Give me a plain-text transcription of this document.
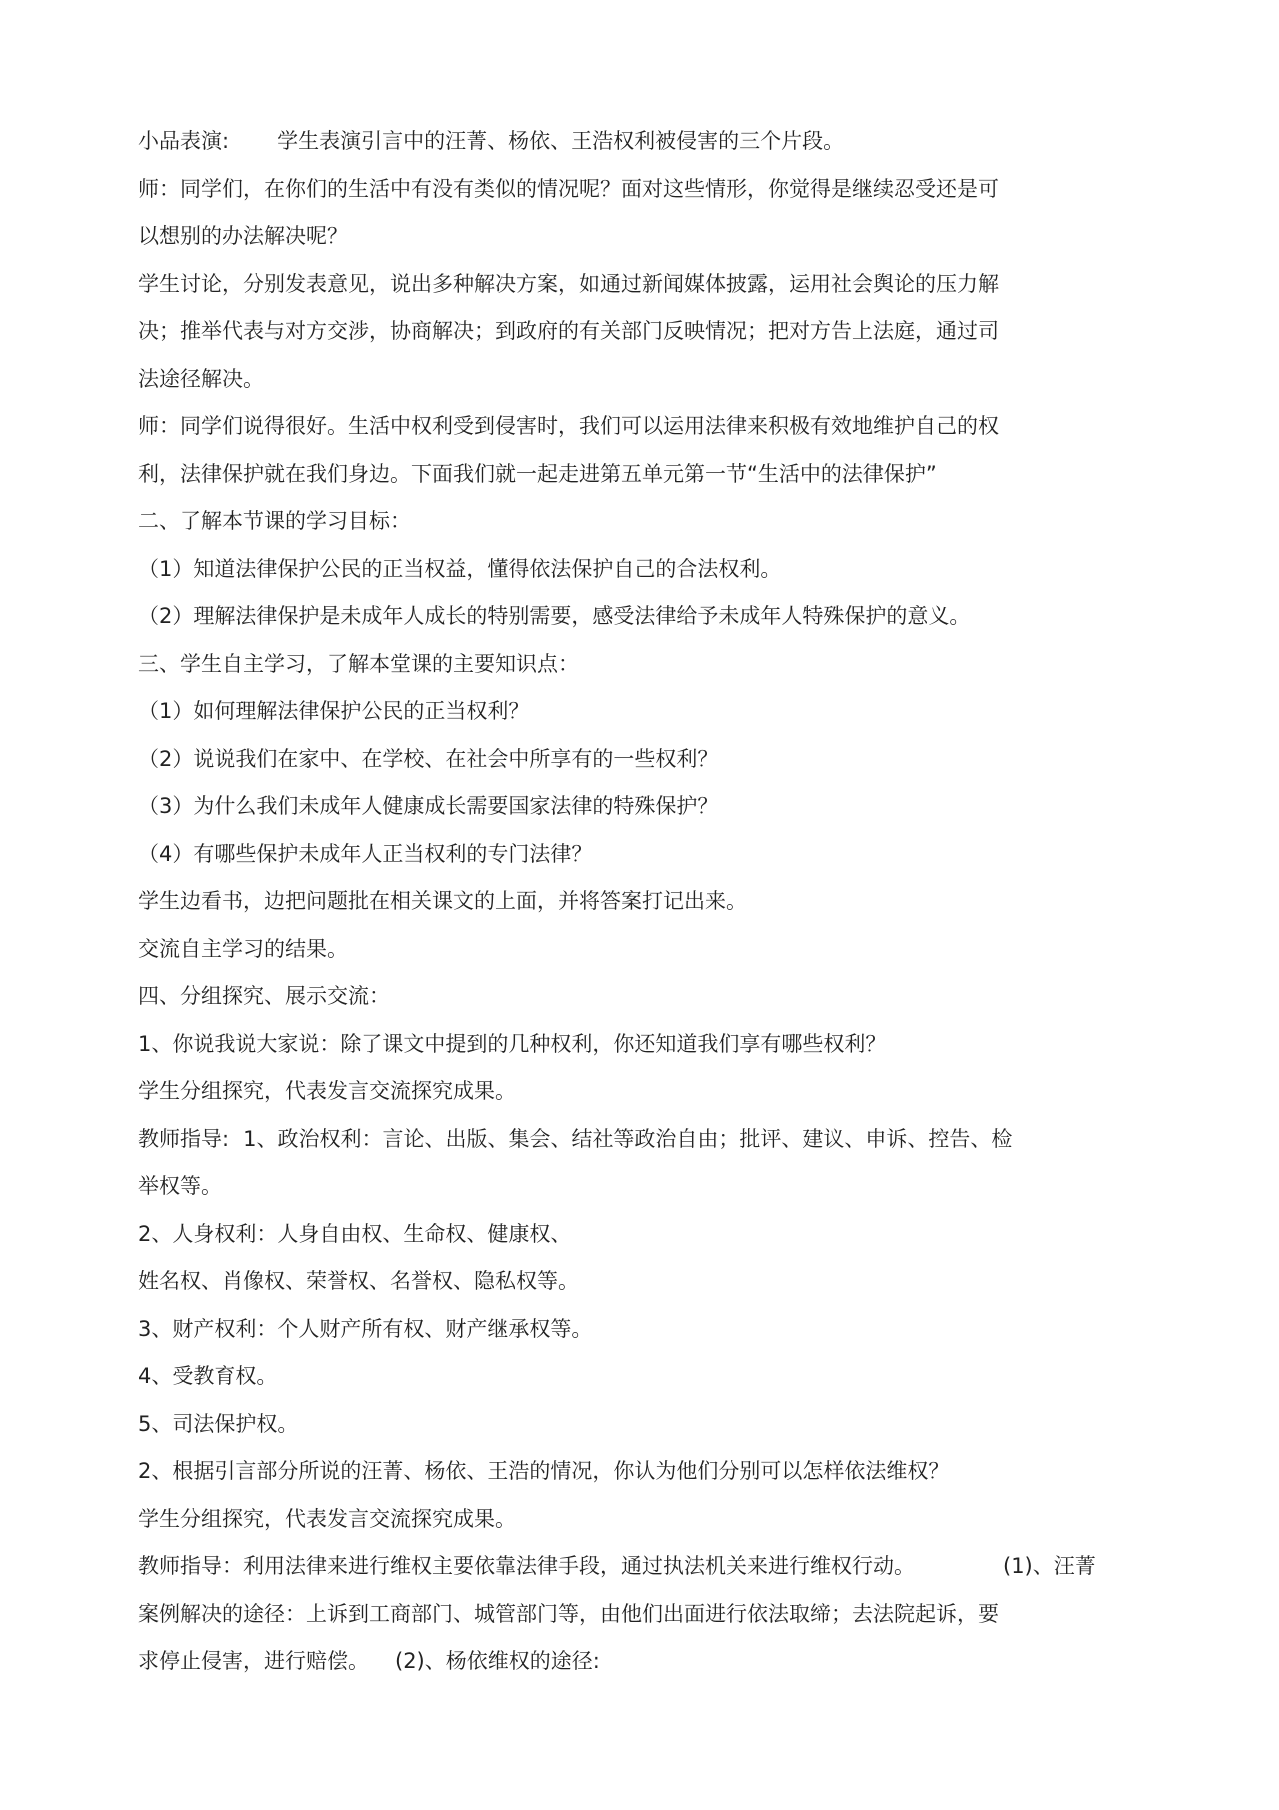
小品表演: 学生表演引言中的汪菁、杨依、王浩权利被侵害的三个片段。
师：同学们，在你们的生活中有没有类似的情况呢？面对这些情形，你觉得是继续忍受还是可
以想别的办法解决呢？
学生讨论，分别发表意见，说出多种解决方案，如通过新闻媒体披露，运用社会舆论的压力解
决；推举代表与对方交涉，协商解决；到政府的有关部门反映情况；把对方告上法庭，通过司
法途径解决。
师：同学们说得很好。生活中权利受到侵害时，我们可以运用法律来积极有效地维护自己的权
利，法律保护就在我们身边。下面我们就一起走进第五单元第一节“生活中的法律保护”
二、了解本节课的学习目标：
（1）知道法律保护公民的正当权益，懂得依法保护自己的合法权利。
（2）理解法律保护是未成年人成长的特别需要，感受法律给予未成年人特殊保护的意义。
三、学生自主学习，了解本堂课的主要知识点：
（1）如何理解法律保护公民的正当权利？
（2）说说我们在家中、在学校、在社会中所享有的一些权利？
（3）为什么我们未成年人健康成长需要国家法律的特殊保护？
（4）有哪些保护未成年人正当权利的专门法律？
学生边看书，边把问题批在相关课文的上面，并将答案打记出来。
交流自主学习的结果。
四、分组探究、展示交流：
1、你说我说大家说：除了课文中提到的几种权利，你还知道我们享有哪些权利？
学生分组探究，代表发言交流探究成果。
教师指导: 1、政治权利：言论、出版、集会、结社等政治自由；批评、建议、申诉、控告、检
举权等。
2、人身权利：人身自由权、生命权、健康权、
姓名权、肖像权、荣誉权、名誉权、隐私权等。
3、财产权利：个人财产所有权、财产继承权等。
4、受教育权。
5、司法保护权。
2、根据引言部分所说的汪菁、杨依、王浩的情况，你认为他们分别可以怎样依法维权？
学生分组探究，代表发言交流探究成果。
教师指导：利用法律来进行维权主要依靠法律手段，通过执法机关来进行维权行动。	(1)、汪菁
案例解决的途径：上诉到工商部门、城管部门等，由他们出面进行依法取缔；去法院起诉，要
求停止侵害，进行赔偿。 (2)、杨依维权的途径:
